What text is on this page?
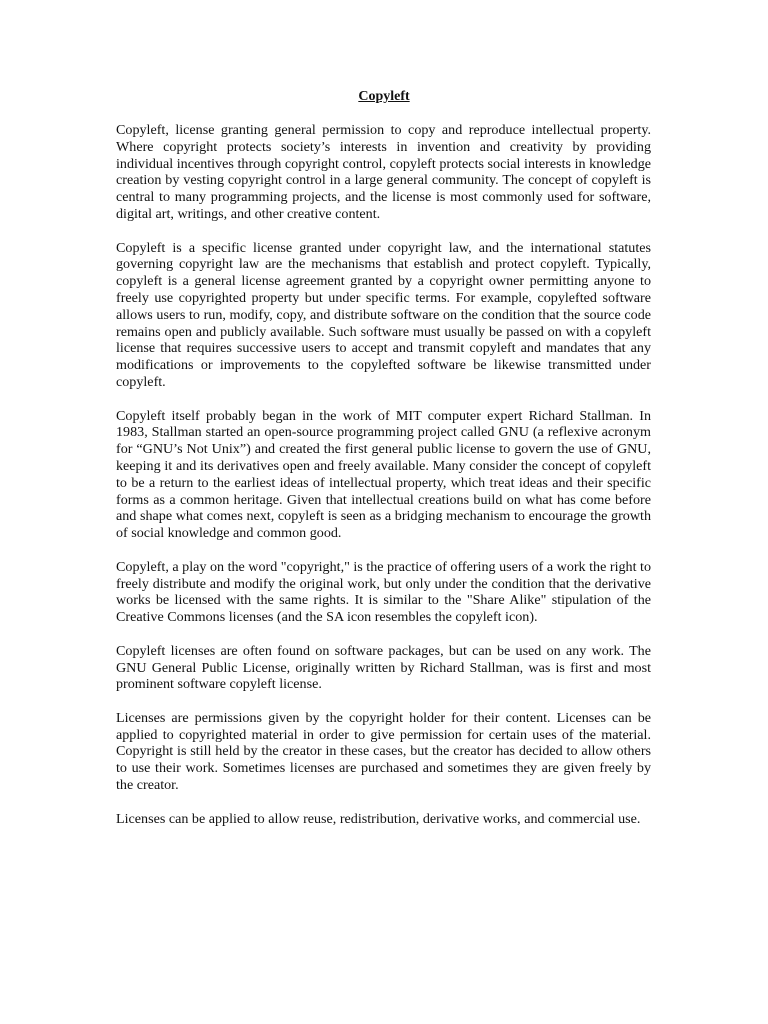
Copyleft

Copyleft, license granting general permission to copy and reproduce intellectual property. Where copyright protects society’s interests in invention and creativity by providing individual incentives through copyright control, copyleft protects social interests in knowledge creation by vesting copyright control in a large general community. The concept of copyleft is central to many programming projects, and the license is most commonly used for software, digital art, writings, and other creative content.

Copyleft is a specific license granted under copyright law, and the international statutes governing copyright law are the mechanisms that establish and protect copyleft. Typically, copyleft is a general license agreement granted by a copyright owner permitting anyone to freely use copyrighted property but under specific terms. For example, copylefted software allows users to run, modify, copy, and distribute software on the condition that the source code remains open and publicly available. Such software must usually be passed on with a copyleft license that requires successive users to accept and transmit copyleft and mandates that any modifications or improvements to the copylefted software be likewise transmitted under copyleft.

Copyleft itself probably began in the work of MIT computer expert Richard Stallman. In 1983, Stallman started an open-source programming project called GNU (a reflexive acronym for “GNU’s Not Unix”) and created the first general public license to govern the use of GNU, keeping it and its derivatives open and freely available. Many consider the concept of copyleft to be a return to the earliest ideas of intellectual property, which treat ideas and their specific forms as a common heritage. Given that intellectual creations build on what has come before and shape what comes next, copyleft is seen as a bridging mechanism to encourage the growth of social knowledge and common good.

Copyleft, a play on the word "copyright," is the practice of offering users of a work the right to freely distribute and modify the original work, but only under the condition that the derivative works be licensed with the same rights. It is similar to the "Share Alike" stipulation of the Creative Commons licenses (and the SA icon resembles the copyleft icon).

Copyleft licenses are often found on software packages, but can be used on any work. The GNU General Public License, originally written by Richard Stallman, was is first and most prominent software copyleft license.

Licenses are permissions given by the copyright holder for their content. Licenses can be applied to copyrighted material in order to give permission for certain uses of the material. Copyright is still held by the creator in these cases, but the creator has decided to allow others to use their work. Sometimes licenses are purchased and sometimes they are given freely by the creator.

Licenses can be applied to allow reuse, redistribution, derivative works, and commercial use.
